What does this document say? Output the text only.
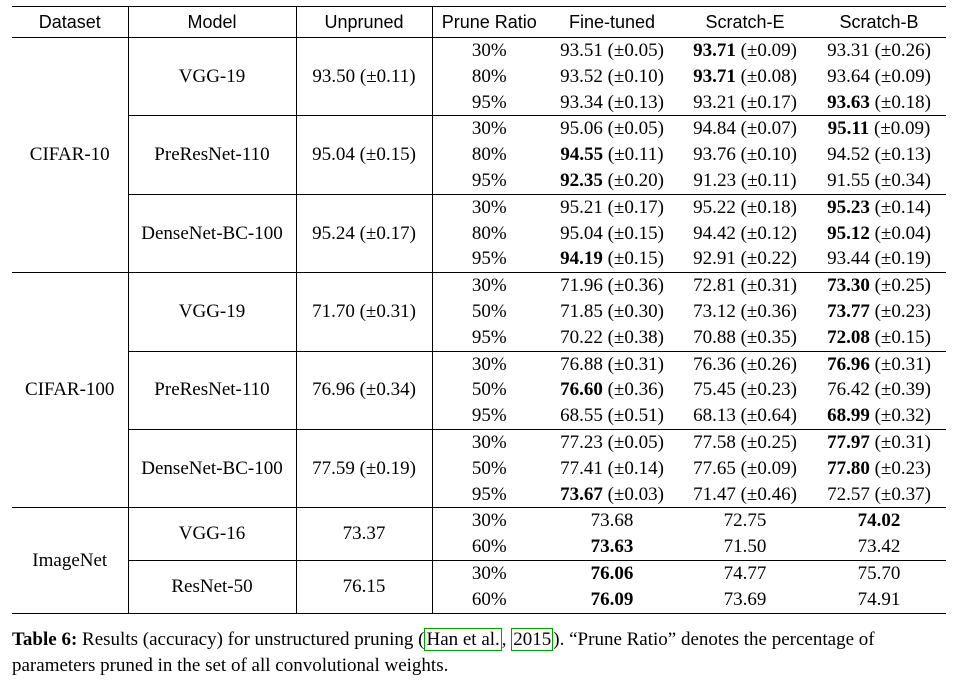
Dataset	Model	Unpruned	Prune Ratio	Fine-tuned	Scratch-E	Scratch-B
CIFAR-10	VGG-19	93.50 (±0.11)	30%	93.51 (±0.05)	93.71 (±0.09)	93.31 (±0.26)
			80%	93.52 (±0.10)	93.71 (±0.08)	93.64 (±0.09)
			95%	93.34 (±0.13)	93.21 (±0.17)	93.63 (±0.18)
	PreResNet-110	95.04 (±0.15)	30%	95.06 (±0.05)	94.84 (±0.07)	95.11 (±0.09)
			80%	94.55 (±0.11)	93.76 (±0.10)	94.52 (±0.13)
			95%	92.35 (±0.20)	91.23 (±0.11)	91.55 (±0.34)
	DenseNet-BC-100	95.24 (±0.17)	30%	95.21 (±0.17)	95.22 (±0.18)	95.23 (±0.14)
			80%	95.04 (±0.15)	94.42 (±0.12)	95.12 (±0.04)
			95%	94.19 (±0.15)	92.91 (±0.22)	93.44 (±0.19)
CIFAR-100	VGG-19	71.70 (±0.31)	30%	71.96 (±0.36)	72.81 (±0.31)	73.30 (±0.25)
			50%	71.85 (±0.30)	73.12 (±0.36)	73.77 (±0.23)
			95%	70.22 (±0.38)	70.88 (±0.35)	72.08 (±0.15)
	PreResNet-110	76.96 (±0.34)	30%	76.88 (±0.31)	76.36 (±0.26)	76.96 (±0.31)
			50%	76.60 (±0.36)	75.45 (±0.23)	76.42 (±0.39)
			95%	68.55 (±0.51)	68.13 (±0.64)	68.99 (±0.32)
	DenseNet-BC-100	77.59 (±0.19)	30%	77.23 (±0.05)	77.58 (±0.25)	77.97 (±0.31)
			50%	77.41 (±0.14)	77.65 (±0.09)	77.80 (±0.23)
			95%	73.67 (±0.03)	71.47 (±0.46)	72.57 (±0.37)
ImageNet	VGG-16	73.37	30%	73.68	72.75	74.02
			60%	73.63	71.50	73.42
	ResNet-50	76.15	30%	76.06	74.77	75.70
			60%	76.09	73.69	74.91
Table 6: Results (accuracy) for unstructured pruning ( Han et al. , 2015 ). “Prune Ratio” denotes the percentage of parameters pruned in the set of all convolutional weights.
